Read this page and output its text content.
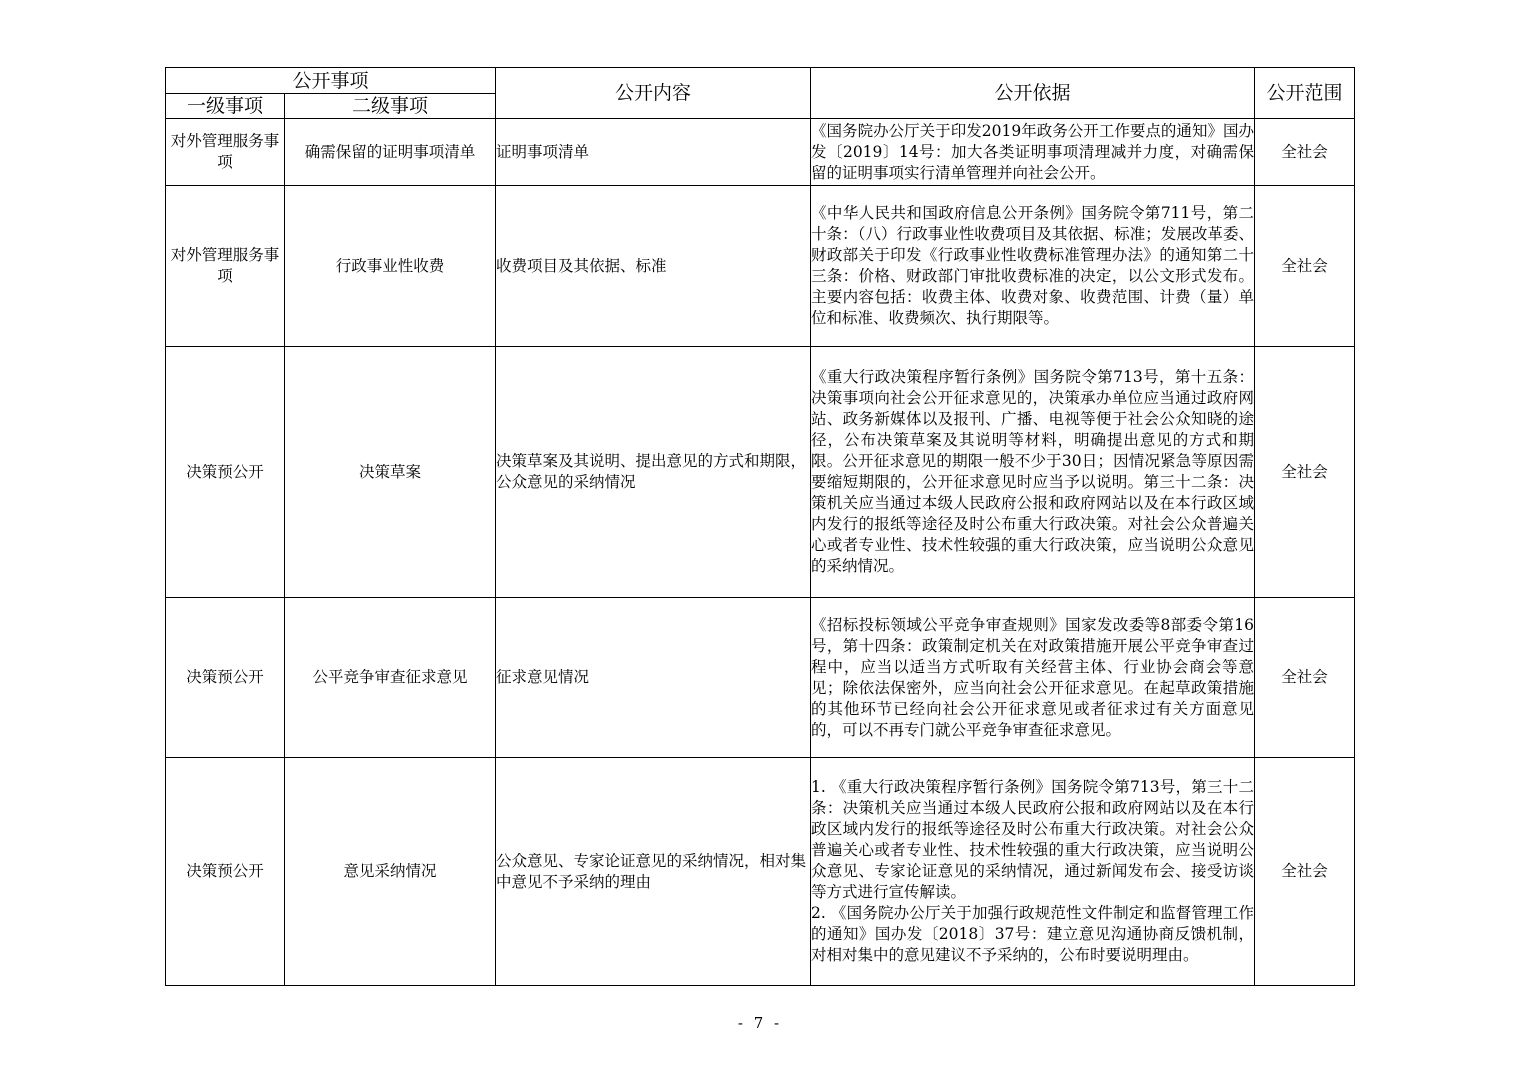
公开事项		公开内容	公开依据	公开范围
一级事项	二级事项			
对外管理服务事项	确需保留的证明事项清单	证明事项清单	《国务院办公厅关于印发2019年政务公开工作要点的通知》国办发〔2019〕14号：加大各类证明事项清理减并力度，对确需保留的证明事项实行清单管理并向社会公开。	全社会
对外管理服务事项	行政事业性收费	收费项目及其依据、标准	《中华人民共和国政府信息公开条例》国务院令第711号，第二十条：（八）行政事业性收费项目及其依据、标准；发展改革委、财政部关于印发《行政事业性收费标准管理办法》的通知第二十三条：价格、财政部门审批收费标准的决定，以公文形式发布。主要内容包括：收费主体、收费对象、收费范围、计费（量）单位和标准、收费频次、执行期限等。	全社会
决策预公开	决策草案	决策草案及其说明、提出意见的方式和期限，公众意见的采纳情况	《重大行政决策程序暂行条例》国务院令第713号，第十五条：决策事项向社会公开征求意见的，决策承办单位应当通过政府网站、政务新媒体以及报刊、广播、电视等便于社会公众知晓的途径，公布决策草案及其说明等材料，明确提出意见的方式和期限。公开征求意见的期限一般不少于30日；因情况紧急等原因需要缩短期限的，公开征求意见时应当予以说明。第三十二条：决策机关应当通过本级人民政府公报和政府网站以及在本行政区域内发行的报纸等途径及时公布重大行政决策。对社会公众普遍关心或者专业性、技术性较强的重大行政决策，应当说明公众意见的采纳情况。	全社会
决策预公开	公平竞争审查征求意见	征求意见情况	《招标投标领域公平竞争审查规则》国家发改委等8部委令第16号，第十四条：政策制定机关在对政策措施开展公平竞争审查过程中，应当以适当方式听取有关经营主体、行业协会商会等意见；除依法保密外，应当向社会公开征求意见。在起草政策措施的其他环节已经向社会公开征求意见或者征求过有关方面意见的，可以不再专门就公平竞争审查征求意见。	全社会
决策预公开	意见采纳情况	公众意见、专家论证意见的采纳情况，相对集中意见不予采纳的理由	1. 《重大行政决策程序暂行条例》国务院令第713号，第三十二条：决策机关应当通过本级人民政府公报和政府网站以及在本行政区域内发行的报纸等途径及时公布重大行政决策。对社会公众普遍关心或者专业性、技术性较强的重大行政决策，应当说明公众意见、专家论证意见的采纳情况，通过新闻发布会、接受访谈等方式进行宣传解读。
2. 《国务院办公厅关于加强行政规范性文件制定和监督管理工作的通知》国办发〔2018〕37号：建立意见沟通协商反馈机制，对相对集中的意见建议不予采纳的，公布时要说明理由。	全社会
- 7 -
